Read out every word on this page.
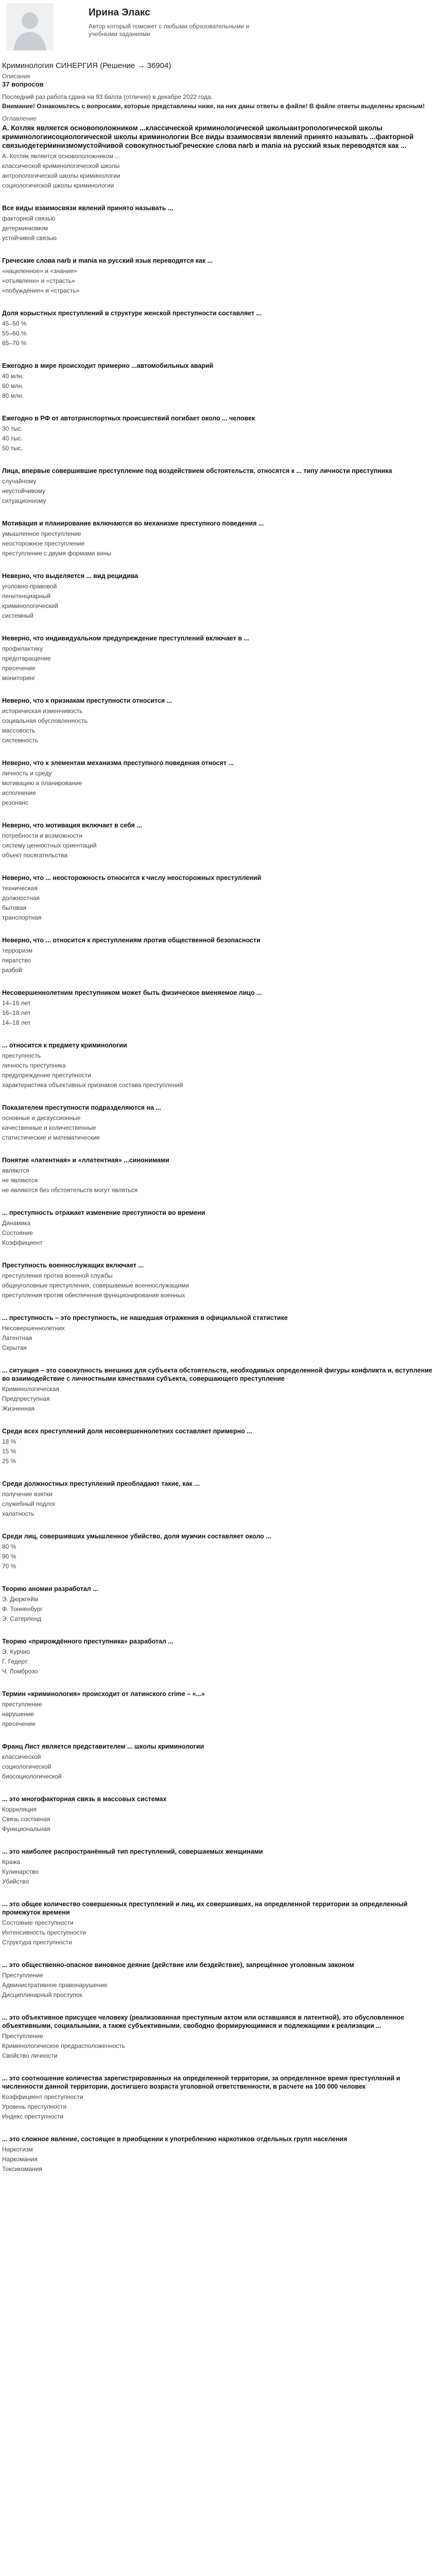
Ирина Элакс
Автор который поможет с любыми образовательными и учебными заданиями
Криминология СИНЕРГИЯ (Решение → 36904)
Описание
37 вопросов
Последний раз работа сдана на 93 балла (отлично) в декабре 2022 года.
Внимание! Ознакомьтесь с вопросами, которые представлены ниже, на них даны ответы в файле! В файле ответы выделены красным!
Оглавление
А. Котляк является основоположником ...классической криминологической школыантропологической школы криминологиисоциологической школы криминологии Все виды взаимосвязи явлений принято называть ...факторной связьюдетерминизмомустойчивой совокупностьюГреческие слова narb и mania на русский язык переводятся как ...
А. Котляк является основоположником ...
классической криминологической школы
антропологической школы криминологии
социологической школы криминологии
Все виды взаимосвязи явлений принято называть ...
факторной связью
детерминизмом
устойчивой связью
Греческие слова narb и mania на русский язык переводятся как ...
«нацеленное» и «знание»
«отъявленн» и «страсть»
«побуждение» и «страсть»
Доля корыстных преступлений в структуре женской преступности составляет ...
45–50 %
55–60 %
65–70 %
Ежегодно в мире происходит примерно ...автомобильных аварий
40 млн.
60 млн.
80 млн.
Ежегодно в РФ от автотранспортных происшествий погибает около ... человек
30 тыс.
40 тыс.
50 тыс.
Лица, впервые совершившие преступление под воздействием обстоятельств, относятся к ... типу личности преступника
случайному
неустойчивому
ситуационному
Мотивация и планирование включаются во механизме преступного поведения ...
умышленное преступление
неосторожное преступление
преступление с двумя формами вины
Неверно, что выделяется ... вид рецидива
уголовно-правовой
пенитенциарный
криминологический
системный
Неверно, что индивидуальном предупреждение преступлений включает в ...
профилактику
предотвращение
пресечение
мониторинг
Неверно, что к признакам преступности относится ...
историческая изменчивость
социальная обусловленность
массовость
системность
Неверно, что к элементам механизма преступного поведения относят ...
личность и среду
мотивацию и планирование
исполнение
резонанс
Неверно, что мотивация включает в себя ...
потребности и возможности
систему ценностных ориентаций
объект посягательства
Неверно, что ... неосторожность относится к числу неосторожных преступлений
техническая
должностная
бытовая
транспортная
Неверно, что ... относится к преступлениям против общественной безопасности
терроризм
пиратство
разбой
Несовершеннолетним преступником может быть физическое вменяемое лицо ...
14–16 лет
16–18 лет
14–18 лет
... относится к предмету криминологии
преступность
личность преступника
предупреждение преступности
характеристика объективных признаков состава преступлений
Показателем преступности подразделяются на ...
основные и дискуссионные
качественные и количественные
статистические и математические
Понятие «латентная» и «ллатентная» ...синонимами
являются
не являются
не являются без обстоятельств могут являться
... преступность отражает изменение преступности во времени
Динамика
Состояние
Коэффициент
Преступность военнослужащих включает ...
преступления против военной службы
общеуголовные преступления, совершаемые военнослужащими
преступления против обеспечения функционирования военных
... преступность – это преступность, не нашедшая отражения в официальной статистике
Несовершеннолетних
Латентная
Скрытая
... ситуация – это совокупность внешних для субъекта обстоятельств, необходимых определенной фигуры конфликта и, вступление во взаимодействие с личностными качествами субъекта, совершающего преступление
Криминологическая
Предпреступная
Жизненная
Среди всех преступлений доля несовершеннолетних составляет примерно ...
18 %
15 %
25 %
Среди должностных преступлений преобладают такие, как ...
получение взятки
служебный подлог
халатность
Среди лиц, совершивших умышленное убийство, доля мужчин составляет около ...
80 %
90 %
70 %
Теорию аномии разработал ...
Э. Дюркгейм
Ф. Тонненбург
Э. Сатерленд
Теорию «прирождённого преступника» разработал ...
Э. Курчио
Г. Гедерт
Ч. Ломброзо
Термин «криминология» происходит от латинского crime – «...»
преступление
нарушение
пресечение
Франц Лист является представителем ... школы криминологии
классической
социологической
биосоциологической
... это многофакторная связь в массовых системах
Корреляция
Связь составная
Функциональная
... это наиболее распространённый тип преступлений, совершаемых женщинами
Кража
Кулинарство
Убийство
... это общее количество совершенных преступлений и лиц, их совершивших, на определенной территории за определенный промежуток времени
Состояние преступности
Интенсивность преступности
Структура преступности
... это общественно-опасное виновное деяние (действие или бездействие), запрещённое уголовным законом
Преступление
Административное правонарушение
Дисциплинарный проступок
... это объективное присущее человеку (реализованная преступным актом или оставшаяся в латентной), это обусловленное объективными, социальными, а также субъективными, свободно формирующимися и подлежащими к реализации ...
Преступление
Криминологическое предрасположенность
Свойство личности
... это соотношение количества зарегистрированных на определенной территории, за определенное время преступлений и численности данной территории, достигшего возраста уголовной ответственности, в расчете на 100 000 человек
Коэффициент преступности
Уровень преступности
Индекс преступности
... это сложное явление, состоящее в приобщении к употреблению наркотиков отдельных групп населения
Наркотизм
Наркомания
Токсикомания
